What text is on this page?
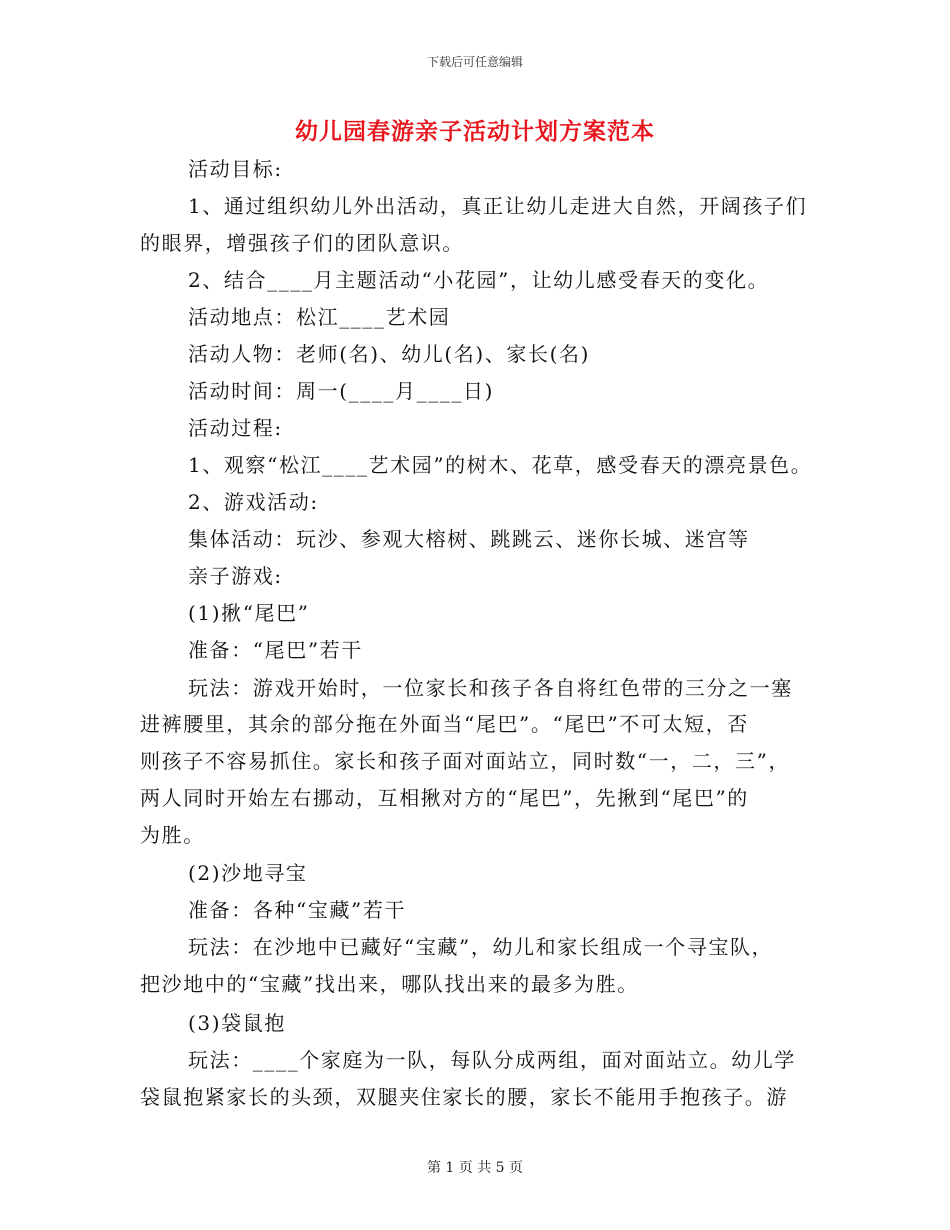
下载后可任意编辑
幼儿园春游亲子活动计划方案范本
活动目标:
1、通过组织幼儿外出活动，真正让幼儿走进大自然，开阔孩子们
的眼界，增强孩子们的团队意识。
2、结合____月主题活动“小花园”，让幼儿感受春天的变化。
活动地点：松江____艺术园
活动人物：老师(名)、幼儿(名)、家长(名)
活动时间：周一(____月____日)
活动过程:
1、观察“松江____艺术园”的树木、花草，感受春天的漂亮景色。
2、游戏活动:
集体活动：玩沙、参观大榕树、跳跳云、迷你长城、迷宫等
亲子游戏:
(1)揪“尾巴”
准备：“尾巴”若干
玩法：游戏开始时，一位家长和孩子各自将红色带的三分之一塞
进裤腰里，其余的部分拖在外面当“尾巴”。“尾巴”不可太短，否
则孩子不容易抓住。家长和孩子面对面站立，同时数“一，二，三”，
两人同时开始左右挪动，互相揪对方的“尾巴”，先揪到“尾巴”的
为胜。
(2)沙地寻宝
准备：各种“宝藏”若干
玩法：在沙地中已藏好“宝藏”，幼儿和家长组成一个寻宝队，
把沙地中的“宝藏”找出来，哪队找出来的最多为胜。
(3)袋鼠抱
玩法：____个家庭为一队，每队分成两组，面对面站立。幼儿学
袋鼠抱紧家长的头颈，双腿夹住家长的腰，家长不能用手抱孩子。游
第 1 页 共 5 页
